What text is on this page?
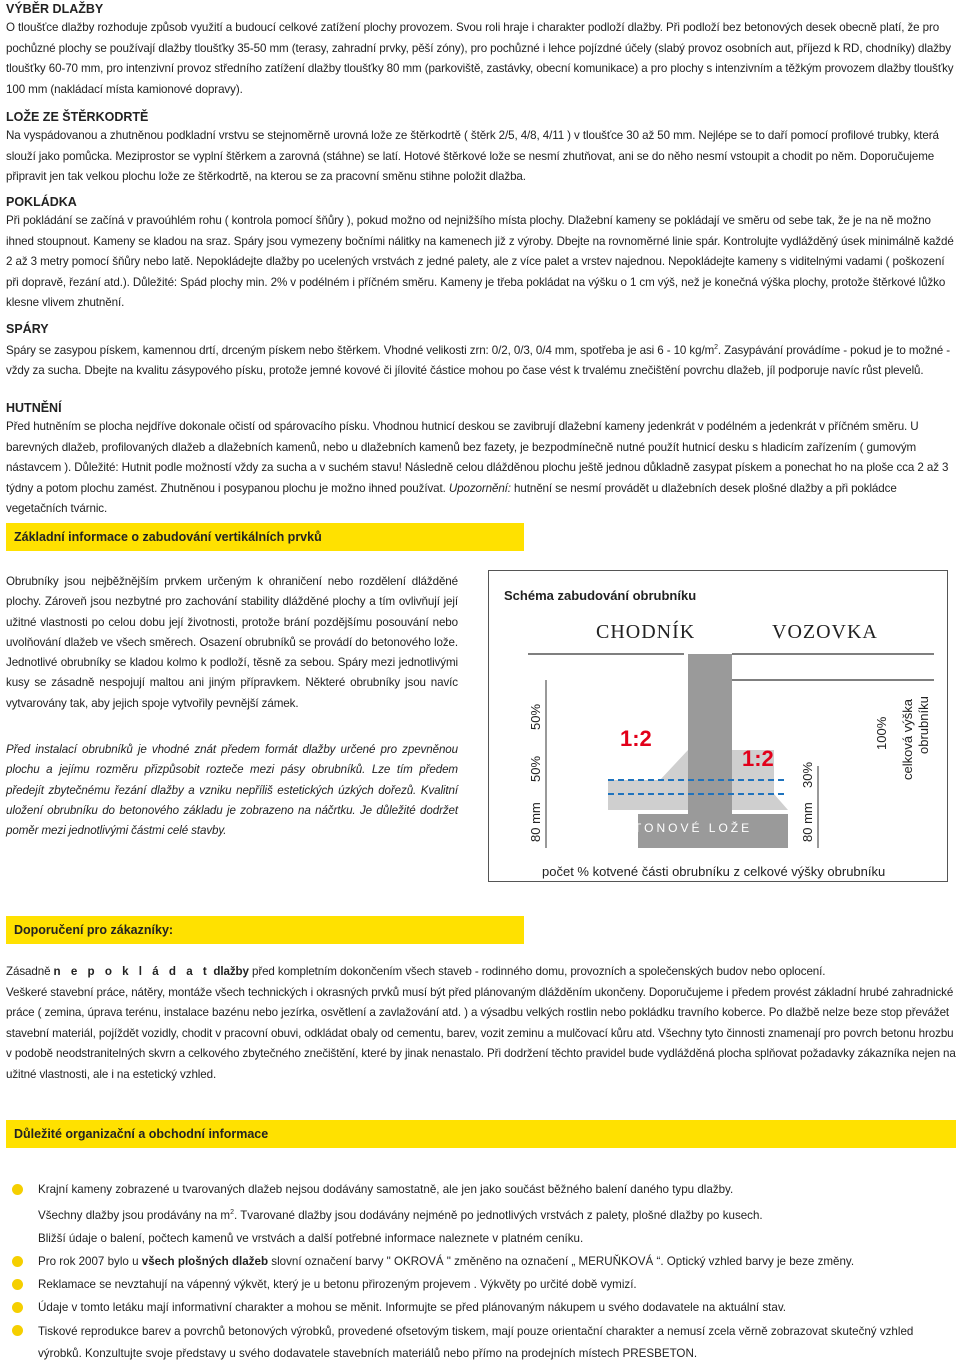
VÝBĚR DLAŽBY

O tloušťce dlažby rozhoduje způsob využití a budoucí celkové zatížení plochy provozem. Svou roli hraje i charakter podloží dlažby. Při podloží bez betonových desek obecně platí, že pro pochůzné plochy se používají dlažby tloušťky 35-50 mm (terasy, zahradní prvky, pěší zóny), pro pochůzné i lehce pojízdné účely (slabý provoz osobních aut, příjezd k RD, chodníky) dlažby tloušťky 60-70 mm, pro intenzivní provoz středního zatížení dlažby tloušťky 80 mm (parkoviště, zastávky, obecní komunikace) a pro plochy s intenzivním a těžkým provozem dlažby tloušťky 100 mm (nakládací místa kamionové dopravy).

LOŽE ZE ŠTĚRKODRTĚ

Na vyspádovanou a zhutněnou podkladní vrstvu se stejnoměrně urovná lože ze štěrkodrtě ( štěrk 2/5, 4/8, 4/11 ) v tloušťce 30 až 50 mm. Nejlépe se to daří pomocí profilové trubky, která slouží jako pomůcka. Meziprostor se vyplní štěrkem a zarovná (stáhne) se latí. Hotové štěrkové lože se nesmí zhutňovat, ani se do něho nesmí vstoupit a chodit po něm. Doporučujeme připravit jen tak velkou plochu lože ze štěrkodrtě, na kterou se za pracovní směnu stihne položit dlažba.

POKLÁDKA

Při pokládání se začíná v pravoúhlém rohu ( kontrola pomocí šňůry ), pokud možno od nejnižšího místa plochy. Dlažební kameny se pokládají ve směru od sebe tak, že je na ně možno ihned stoupnout. Kameny se kladou na sraz. Spáry jsou vymezeny bočními nálitky na kamenech již z výroby. Dbejte na rovnoměrné linie spár. Kontrolujte vydlážděný úsek minimálně každé 2 až 3 metry pomocí šňůry nebo latě. Nepokládejte dlažby po ucelených vrstvách z jedné palety, ale z více palet a vrstev najednou. Nepokládejte kameny s viditelnými vadami ( poškození při dopravě, řezání atd.). Důležité: Spád plochy min. 2% v podélném i příčném směru. Kameny je třeba pokládat na výšku o 1 cm výš, než je konečná výška plochy, protože štěrkové lůžko klesne vlivem zhutnění.

SPÁRY

Spáry se zasypou pískem, kamennou drtí, drceným pískem nebo štěrkem. Vhodné velikosti zrn: 0/2, 0/3, 0/4 mm, spotřeba je asi 6 - 10 $kg/m^2$. Zasypávání provádíme - pokud je to možné - vždy za sucha. Dbejte na kvalitu zásypového písku, protože jemné kovové či jílovité částice mohou po čase vést k trvalému znečištění povrchu dlažeb, jíl podporuje navíc růst plevelů.

HUTNĚNÍ

Před hutněním se plocha nejdříve dokonale očistí od spárovacího písku. Vhodnou hutnicí deskou se zavibrují dlažební kameny jedenkrát v podélném a jedenkrát v příčném směru. U barevných dlažeb, profilovaných dlažeb a dlažebních kamenů, nebo u dlažebních kamenů bez fazety, je bezpodmínečně nutné použít hutnicí desku s hladicím zařízením ( gumovým nástavcem ). Důležité: Hutnit podle možností vždy za sucha a v suchém stavu! Následně celou dlážděnou plochu ještě jednou důkladně zasypat pískem a ponechat ho na ploše cca 2 až 3 týdny a potom plochu zamést. Zhutněnou i posypanou plochu je možno ihned používat. Upozornění: hutnění se nesmí provádět u dlažebních desek plošné dlažby a při pokládce vegetačních tvárnic.

Základní informace o zabudování vertikálních prvků

Obrubníky jsou nejběžnějším prvkem určeným k ohraničení nebo rozdělení dlážděné plochy. Zároveň jsou nezbytné pro zachování stability dlážděné plochy a tím ovlivňují její užitné vlastnosti po celou dobu její životnosti, protože brání pozdějšímu posouvání nebo uvolňování dlažeb ve všech směrech. Osazení obrubníků se provádí do betonového lože. Jednotlivé obrubníky se kladou kolmo k podloží, těsně za sebou. Spáry mezi jednotlivými kusy se zásadně nespojují maltou ani jiným přípravkem. Některé obrubníky jsou navíc vytvarovány tak, aby jejich spoje vytvořily pevnější zámek.

Před instalací obrubníků je vhodné znát předem formát dlažby určené pro zpevněnou plochu a jejímu rozměru přizpůsobit rozteče mezi pásy obrubníků. Lze tím předem předejít zbytečnému řezání dlažby a vzniku nepříliš estetických úzkých dořezů. Kvalitní uložení obrubníku do betonového základu je zobrazeno na náčrtku. Je důležité dodržet poměr mezi jednotlivými částmi celé stavby.

Schéma zabudování obrubníku
CHODNÍK	VOZOVKA
BETONOVÉ LOŽE
1:2
1:2
50%
50%
80 mm
30%
80 mm
100% celková výška obrubníku
počet % kotvené části obrubníku z celkové výšky obrubníku
Doporučení pro zákazníky:

Zásadně n e p o k l á d a t dlažby před kompletním dokončením všech staveb - rodinného domu, provozních a společenských budov nebo oplocení.

Veškeré stavební práce, nátěry, montáže všech technických i okrasných prvků musí být před plánovaným dlážděním ukončeny. Doporučujeme i předem provést základní hrubé zahradnické práce ( zemina, úprava terénu, instalace bazénu nebo jezírka, osvětlení a zavlažování atd. ) a výsadbu velkých rostlin nebo pokládku travního koberce. Po dlažbě nelze beze stop převážet stavební materiál, pojíždět vozidly, chodit v pracovní obuvi, odkládat obaly od cementu, barev, vozit zeminu a mulčovací kůru atd. Všechny tyto činnosti znamenají pro povrch betonu hrozbu v podobě neodstranitelných skvrn a celkového zbytečného znečištění, které by jinak nenastalo. Při dodržení těchto pravidel bude vydlážděná plocha splňovat požadavky zákazníka nejen na užitné vlastnosti, ale i na estetický vzhled.

Důležité organizační a obchodní informace

Krajní kameny zobrazené u tvarovaných dlažeb nejsou dodávány samostatně, ale jen jako součást běžného balení daného typu dlažby.

Všechny dlažby jsou prodávány na $m^2$. Tvarované dlažby jsou dodávány nejméně po jednotlivých vrstvách z palety, plošné dlažby po kusech.

Bližší údaje o balení, počtech kamenů ve vrstvách a další potřebné informace naleznete v platném ceníku.

Pro rok 2007 bylo u všech plošných dlažeb slovní označení barvy " OKROVÁ " změněno na označení „ MERUŇKOVÁ “. Optický vzhled barvy je beze změny.

Reklamace se nevztahují na vápenný výkvět, který je u betonu přirozeným projevem . Výkvěty po určité době vymizí.

Údaje v tomto letáku mají informativní charakter a mohou se měnit. Informujte se před plánovaným nákupem u svého dodavatele na aktuální stav.

Tiskové reprodukce barev a povrchů betonových výrobků, provedené ofsetovým tiskem, mají pouze orientační charakter a nemusí zcela věrně zobrazovat skutečný vzhled výrobků. Konzultujte svoje představy u svého dodavatele stavebních materiálů nebo přímo na prodejních místech PRESBETON.
